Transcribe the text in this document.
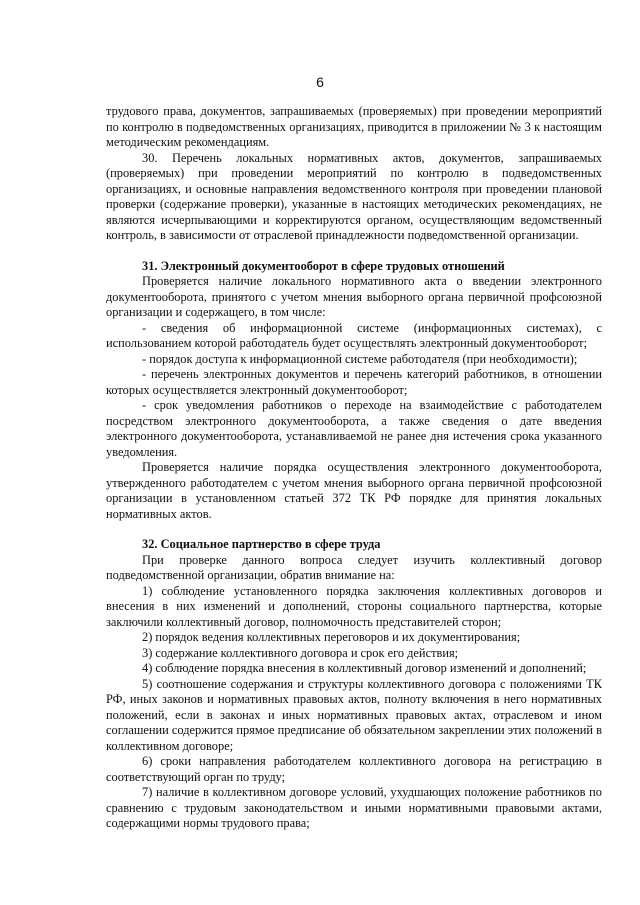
6

трудового права, документов, запрашиваемых (проверяемых) при проведении мероприятий по контролю в подведомственных организациях, приводится в приложении № 3 к настоящим методическим рекомендациям.

30. Перечень локальных нормативных актов, документов, запрашиваемых (проверяемых) при проведении мероприятий по контролю в подведомственных организациях, и основные направления ведомственного контроля при проведении плановой проверки (содержание проверки), указанные в настоящих методических рекомендациях, не являются исчерпывающими и корректируются органом, осуществляющим ведомственный контроль, в зависимости от отраслевой принадлежности подведомственной организации.

31. Электронный документооборот в сфере трудовых отношений

Проверяется наличие локального нормативного акта о введении электронного документооборота, принятого с учетом мнения выборного органа первичной профсоюзной организации и содержащего, в том числе:

- сведения об информационной системе (информационных системах), с использованием которой работодатель будет осуществлять электронный документооборот;

- порядок доступа к информационной системе работодателя (при необходимости);

- перечень электронных документов и перечень категорий работников, в отношении которых осуществляется электронный документооборот;

- срок уведомления работников о переходе на взаимодействие с работодателем посредством электронного документооборота, а также сведения о дате введения электронного документооборота, устанавливаемой не ранее дня истечения срока указанного уведомления.

Проверяется наличие порядка осуществления электронного документооборота, утвержденного работодателем с учетом мнения выборного органа первичной профсоюзной организации в установленном статьей 372 ТК РФ порядке для принятия локальных нормативных актов.

32. Социальное партнерство в сфере труда

При проверке данного вопроса следует изучить коллективный договор подведомственной организации, обратив внимание на:

1) соблюдение установленного порядка заключения коллективных договоров и внесения в них изменений и дополнений, стороны социального партнерства, которые заключили коллективный договор, полномочность представителей сторон;

2) порядок ведения коллективных переговоров и их документирования;

3) содержание коллективного договора и срок его действия;

4) соблюдение порядка внесения в коллективный договор изменений и дополнений;

5) соотношение содержания и структуры коллективного договора с положениями ТК РФ, иных законов и нормативных правовых актов, полноту включения в него нормативных положений, если в законах и иных нормативных правовых актах, отраслевом и ином соглашении содержится прямое предписание об обязательном закреплении этих положений в коллективном договоре;

6) сроки направления работодателем коллективного договора на регистрацию в соответствующий орган по труду;

7) наличие в коллективном договоре условий, ухудшающих положение работников по сравнению с трудовым законодательством и иными нормативными правовыми актами, содержащими нормы трудового права;
